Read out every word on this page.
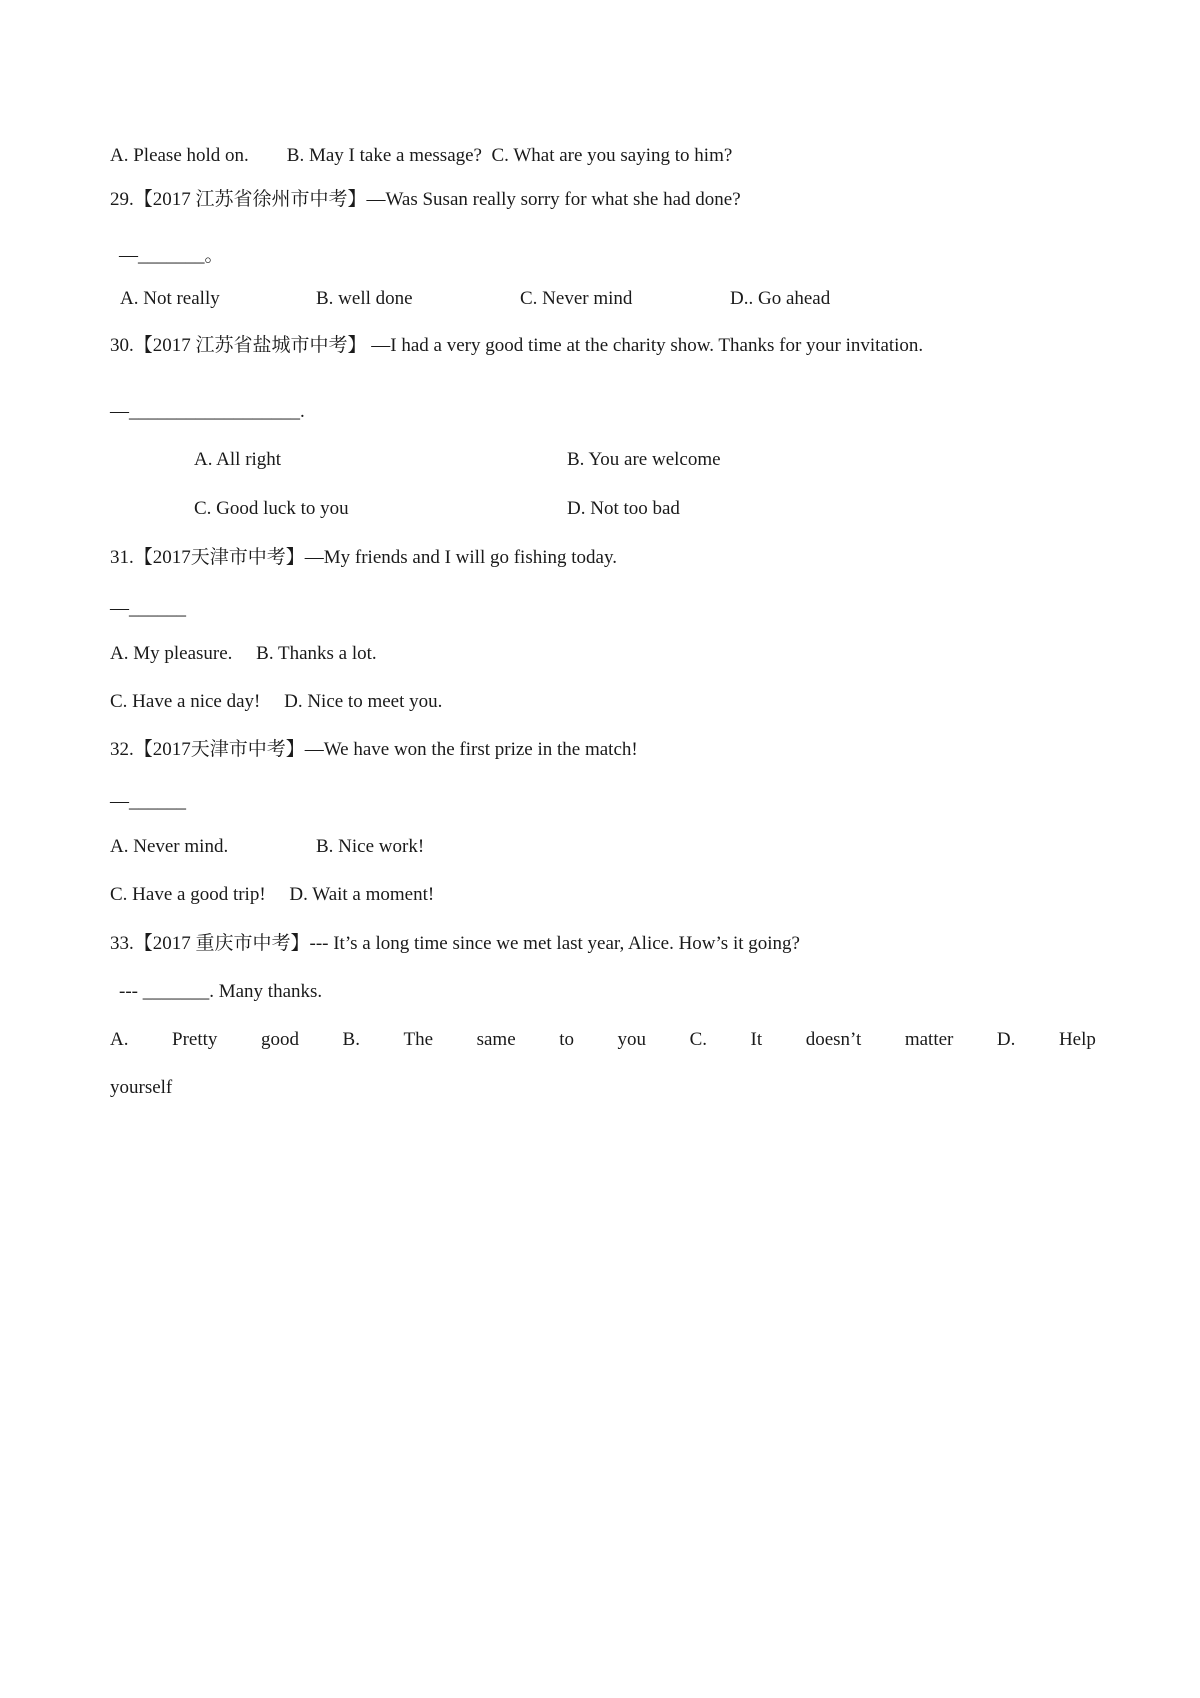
A. Please hold on.        B. May I take a message?  C. What are you saying to him?
29.【2017 江苏省徐州市中考】—Was Susan really sorry for what she had done?
—_______。
A. Not really	B. well done	C. Never mind	D.. Go ahead
30.【2017 江苏省盐城市中考】 —I had a very good time at the charity show. Thanks for your invitation.
—__________________.
A. All right	B. You are welcome
C. Good luck to you	D. Not too bad
31.【2017天津市中考】—My friends and I will go fishing today.
—______
A. My pleasure.     B. Thanks a lot.
C. Have a nice day!     D. Nice to meet you.
32.【2017天津市中考】—We have won the first prize in the match!
—______
A. Never mind.	B. Nice work!
C. Have a good trip!     D. Wait a moment!
33.【2017 重庆市中考】--- It’s a long time since we met last year, Alice. How’s it going?
--- _______. Many thanks.
A. Pretty good B. The same to you C. It doesn’t matter D. Help
yourself
